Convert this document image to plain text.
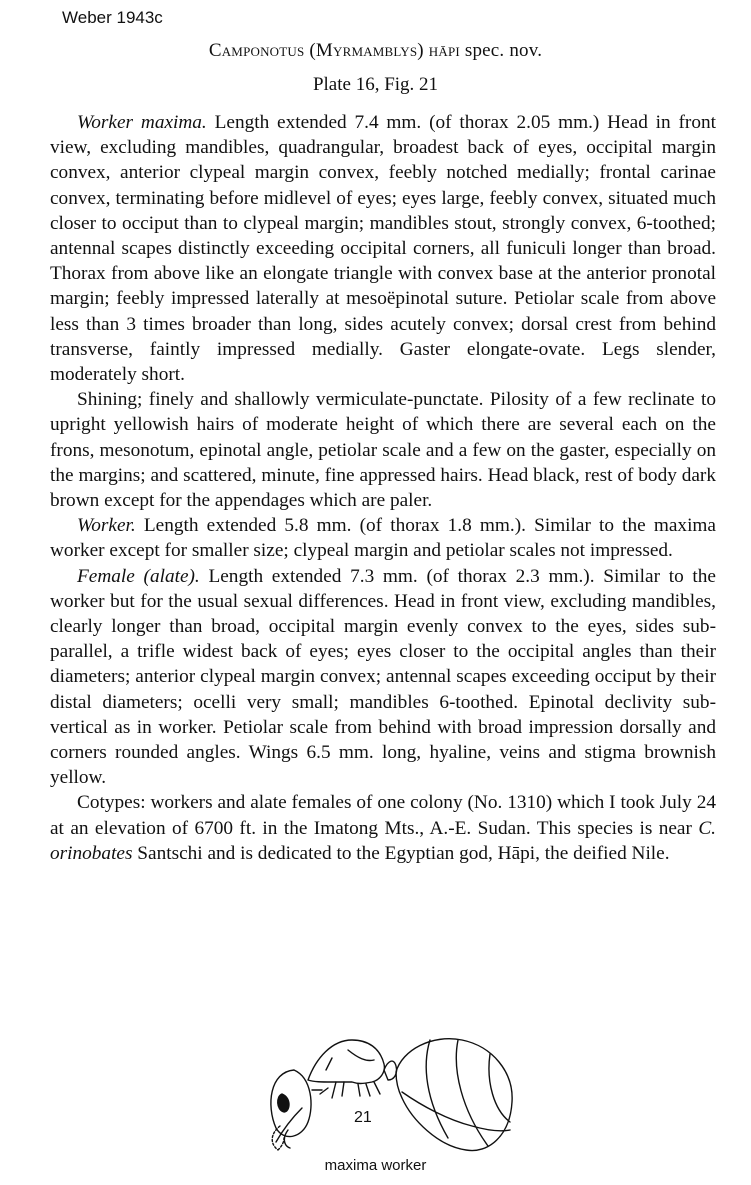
Weber 1943c
Camponotus (Myrmamblys) hāpi spec. nov.
Plate 16, Fig. 21

Worker maxima. Length extended 7.4 mm. (of thorax 2.05 mm.) Head in front view, excluding mandibles, quadrangular, broadest back of eyes, occipital margin convex, anterior clypeal margin convex, feebly notched medially; frontal carinae convex, terminating before midlevel of eyes; eyes large, feebly convex, situated much closer to occiput than to clypeal margin; mandibles stout, strongly convex, 6-toothed; antennal scapes distinctly exceeding occipital corners, all funiculi longer than broad. Thorax from above like an elongate triangle with convex base at the anterior pronotal margin; feebly impressed laterally at mesoëpinotal suture. Petiolar scale from above less than 3 times broader than long, sides acutely convex; dorsal crest from behind transverse, faintly impressed medially. Gaster elongate-ovate. Legs slender, moderately short.

Shining; finely and shallowly vermiculate-punctate. Pilosity of a few reclinate to upright yellowish hairs of moderate height of which there are several each on the frons, mesonotum, epinotal angle, petiolar scale and a few on the gaster, especially on the margins; and scattered, minute, fine appressed hairs. Head black, rest of body dark brown except for the appendages which are paler.

Worker. Length extended 5.8 mm. (of thorax 1.8 mm.). Similar to the maxima worker except for smaller size; clypeal margin and petiolar scales not impressed.

Female (alate). Length extended 7.3 mm. (of thorax 2.3 mm.). Similar to the worker but for the usual sexual differences. Head in front view, excluding mandibles, clearly longer than broad, occipital margin evenly convex to the eyes, sides sub-parallel, a trifle widest back of eyes; eyes closer to the occipital angles than their diameters; anterior clypeal margin convex; antennal scapes exceeding occiput by their distal diameters; ocelli very small; mandibles 6-toothed. Epinotal declivity sub-vertical as in worker. Petiolar scale from behind with broad impression dorsally and corners rounded angles. Wings 6.5 mm. long, hyaline, veins and stigma brownish yellow.

Cotypes: workers and alate females of one colony (No. 1310) which I took July 24 at an elevation of 6700 ft. in the Imatong Mts., A.-E. Sudan. This species is near C. orinobates Santschi and is dedicated to the Egyptian god, Hāpi, the deified Nile.

21
maxima worker
